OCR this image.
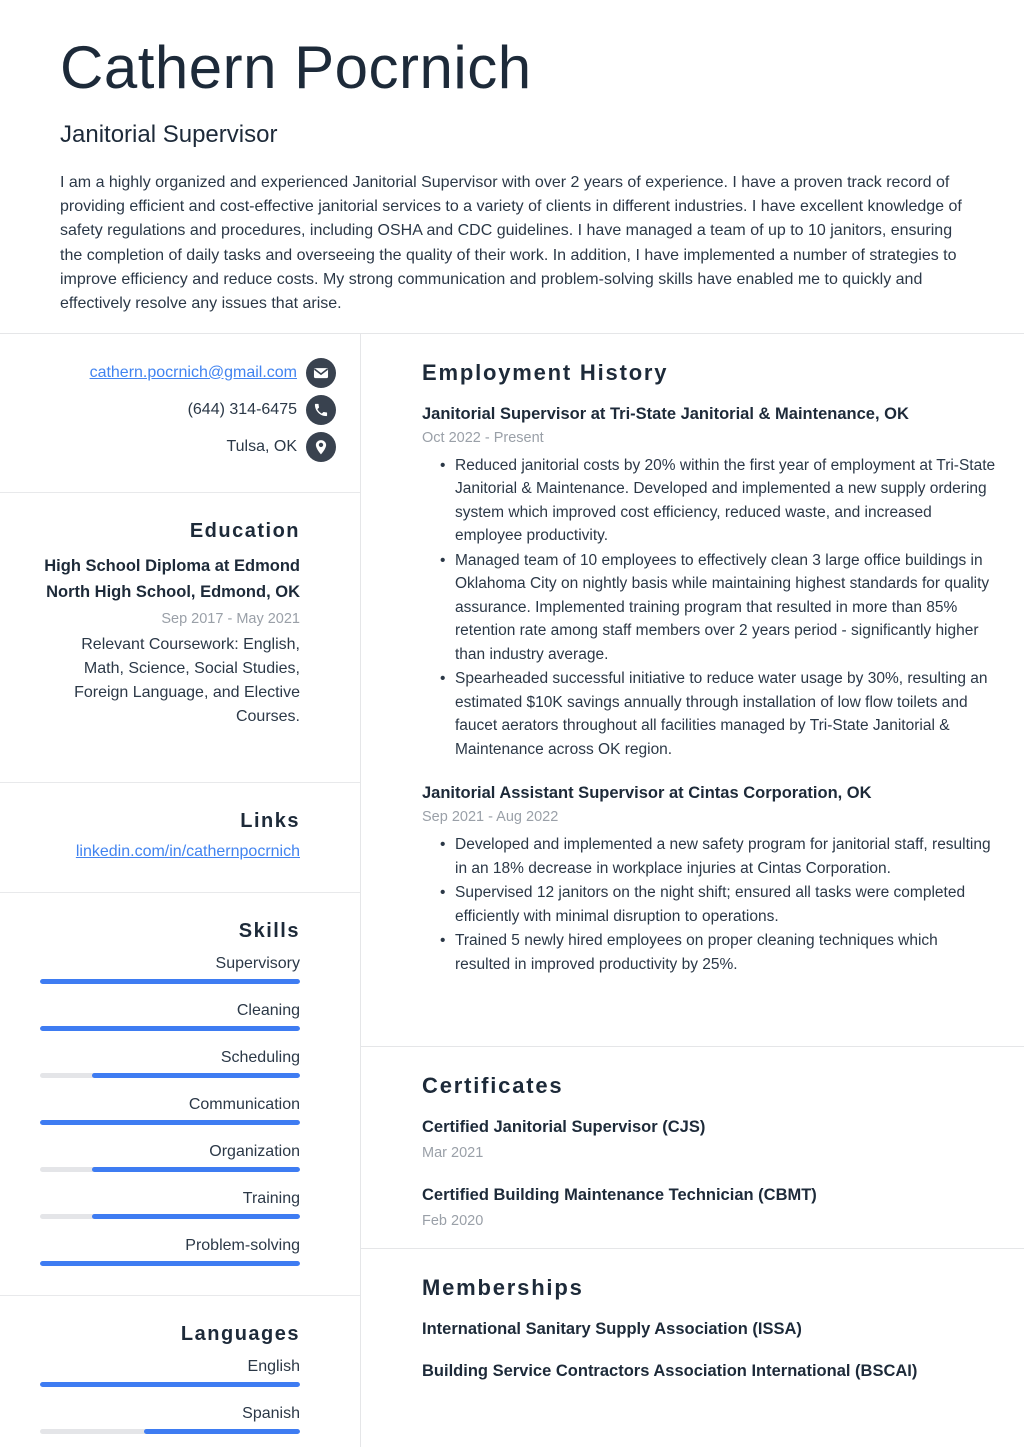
Cathern Pocrnich
Janitorial Supervisor

I am a highly organized and experienced Janitorial Supervisor with over 2 years of experience. I have a proven track record of providing efficient and cost-effective janitorial services to a variety of clients in different industries. I have excellent knowledge of safety regulations and procedures, including OSHA and CDC guidelines. I have managed a team of up to 10 janitors, ensuring the completion of daily tasks and overseeing the quality of their work. In addition, I have implemented a number of strategies to improve efficiency and reduce costs. My strong communication and problem-solving skills have enabled me to quickly and effectively resolve any issues that arise.

cathern.pocrnich@gmail.com
(644) 314-6475
Tulsa, OK
Education
High School Diploma at Edmond North High School, Edmond, OK
Sep 2017 - May 2021
Relevant Coursework: English, Math, Science, Social Studies, Foreign Language, and Elective Courses.
Links
linkedin.com/in/cathernpocrnich
Skills
Supervisory
Cleaning
Scheduling
Communication
Organization
Training
Problem-solving
Languages
English
Spanish
Employment History
Janitorial Supervisor at Tri-State Janitorial & Maintenance, OK
Oct 2022 - Present
• Reduced janitorial costs by 20% within the first year of employment at Tri-State Janitorial & Maintenance. Developed and implemented a new supply ordering system which improved cost efficiency, reduced waste, and increased employee productivity.
• Managed team of 10 employees to effectively clean 3 large office buildings in Oklahoma City on nightly basis while maintaining highest standards for quality assurance. Implemented training program that resulted in more than 85% retention rate among staff members over 2 years period - significantly higher than industry average.
• Spearheaded successful initiative to reduce water usage by 30%, resulting an estimated $10K savings annually through installation of low flow toilets and faucet aerators throughout all facilities managed by Tri-State Janitorial & Maintenance across OK region.
Janitorial Assistant Supervisor at Cintas Corporation, OK
Sep 2021 - Aug 2022
• Developed and implemented a new safety program for janitorial staff, resulting in an 18% decrease in workplace injuries at Cintas Corporation.
• Supervised 12 janitors on the night shift; ensured all tasks were completed efficiently with minimal disruption to operations.
• Trained 5 newly hired employees on proper cleaning techniques which resulted in improved productivity by 25%.
Certificates
Certified Janitorial Supervisor (CJS)
Mar 2021
Certified Building Maintenance Technician (CBMT)
Feb 2020
Memberships
International Sanitary Supply Association (ISSA)
Building Service Contractors Association International (BSCAI)
